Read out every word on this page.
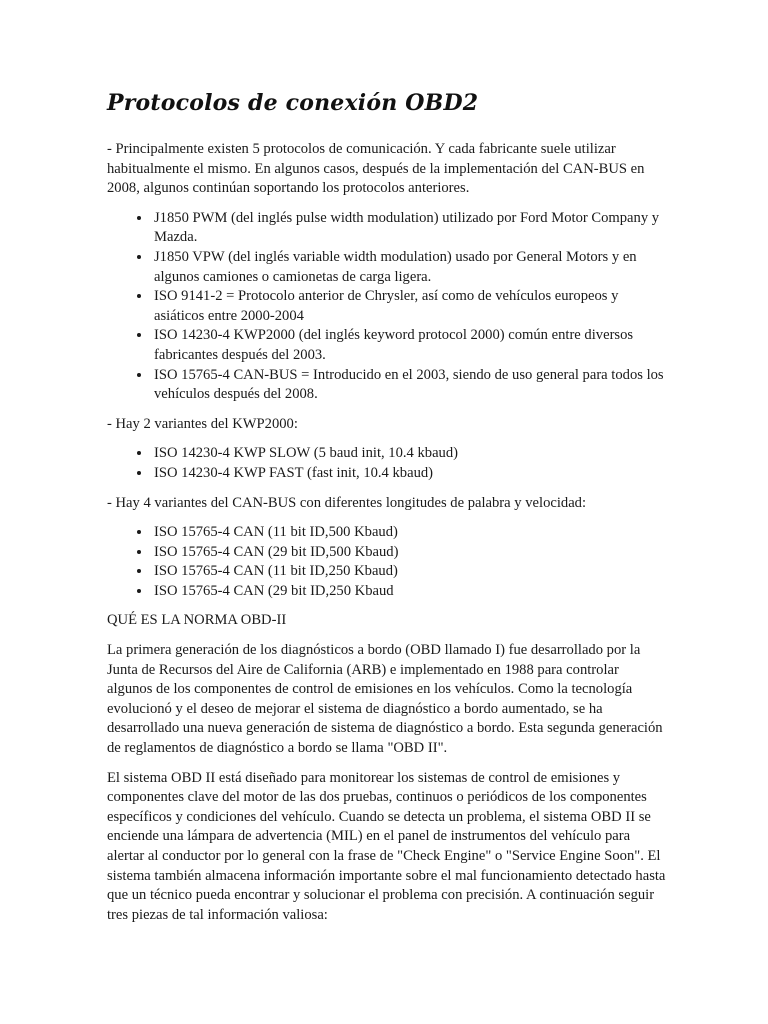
Protocolos de conexión OBD2

- Principalmente existen 5 protocolos de comunicación. Y cada fabricante suele utilizar habitualmente el mismo. En algunos casos, después de la implementación del CAN-BUS en 2008, algunos continúan soportando los protocolos anteriores.

• J1850 PWM (del inglés pulse width modulation) utilizado por Ford Motor Company y Mazda.
• J1850 VPW (del inglés variable width modulation) usado por General Motors y en algunos camiones o camionetas de carga ligera.
• ISO 9141-2 = Protocolo anterior de Chrysler, así como de vehículos europeos y asiáticos entre 2000-2004
• ISO 14230-4 KWP2000 (del inglés keyword protocol 2000) común entre diversos fabricantes después del 2003.
• ISO 15765-4 CAN-BUS = Introducido en el 2003, siendo de uso general para todos los vehículos después del 2008.

- Hay 2 variantes del KWP2000:

• ISO 14230-4 KWP SLOW (5 baud init, 10.4 kbaud)
• ISO 14230-4 KWP FAST (fast init, 10.4 kbaud)

- Hay 4 variantes del CAN-BUS con diferentes longitudes de palabra y velocidad:

• ISO 15765-4 CAN (11 bit ID,500 Kbaud)
• ISO 15765-4 CAN (29 bit ID,500 Kbaud)
• ISO 15765-4 CAN (11 bit ID,250 Kbaud)
• ISO 15765-4 CAN (29 bit ID,250 Kbaud

QUÉ ES LA NORMA OBD-II

La primera generación de los diagnósticos a bordo (OBD llamado I) fue desarrollado por la Junta de Recursos del Aire de California (ARB) e implementado en 1988 para controlar algunos de los componentes de control de emisiones en los vehículos. Como la tecnología evolucionó y el deseo de mejorar el sistema de diagnóstico a bordo aumentado, se ha desarrollado una nueva generación de sistema de diagnóstico a bordo. Esta segunda generación de reglamentos de diagnóstico a bordo se llama "OBD II".

El sistema OBD II está diseñado para monitorear los sistemas de control de emisiones y componentes clave del motor de las dos pruebas, continuos o periódicos de los componentes específicos y condiciones del vehículo. Cuando se detecta un problema, el sistema OBD II se enciende una lámpara de advertencia (MIL) en el panel de instrumentos del vehículo para alertar al conductor por lo general con la frase de "Check Engine" o "Service Engine Soon". El sistema también almacena información importante sobre el mal funcionamiento detectado hasta que un técnico pueda encontrar y solucionar el problema con precisión. A continuación seguir tres piezas de tal información valiosa:
